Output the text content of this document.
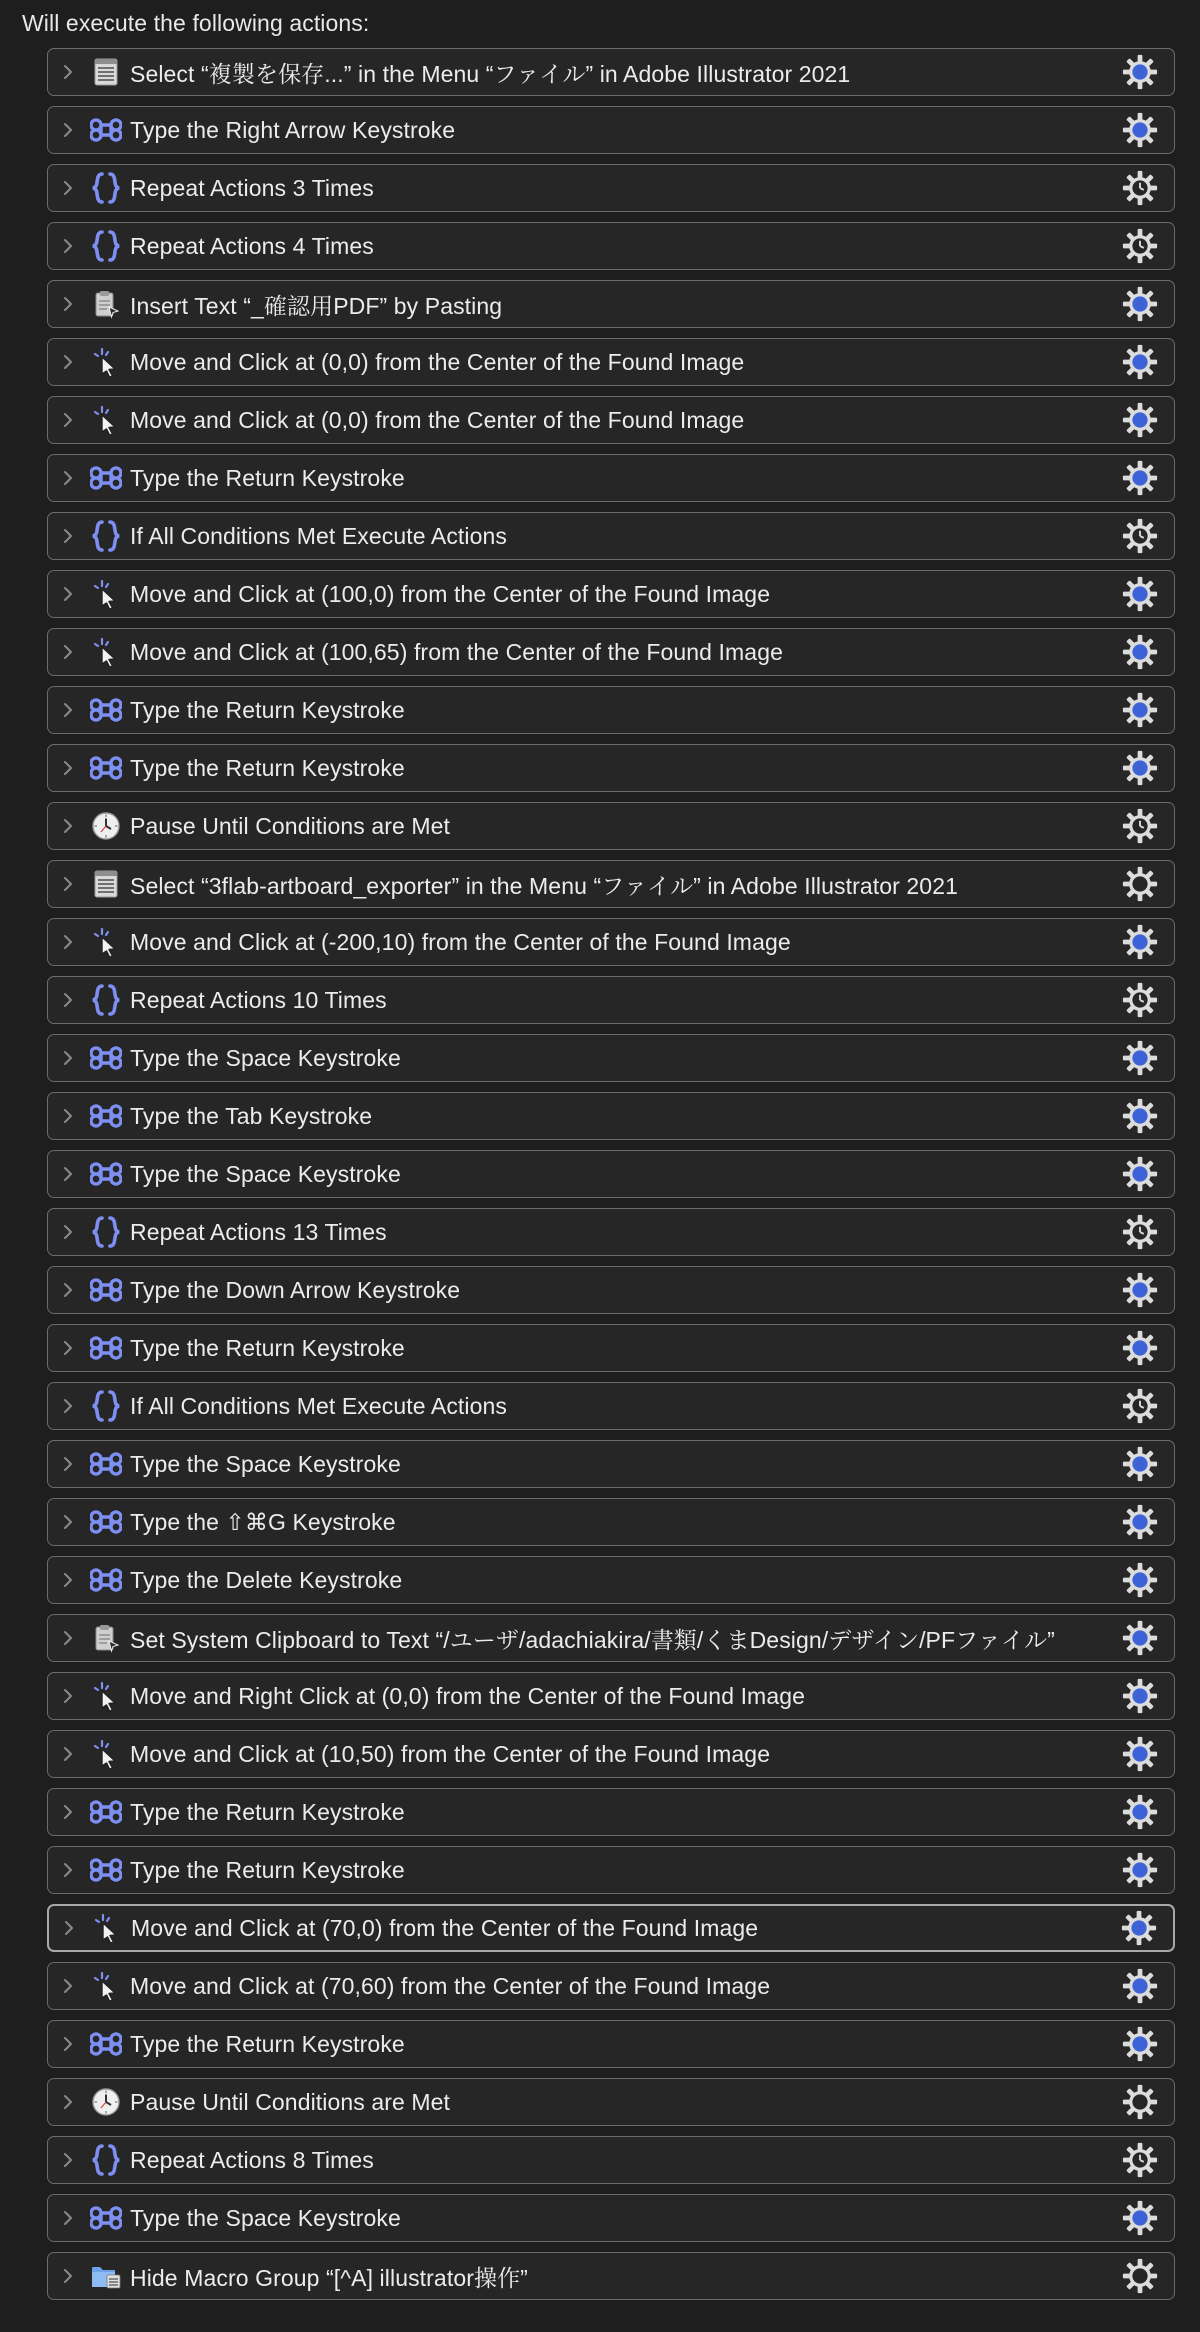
Will execute the following actions:
Select “複製を保存...” in the Menu “ファイル” in Adobe Illustrator 2021
Type the Right Arrow Keystroke
Repeat Actions 3 Times
Repeat Actions 4 Times
Insert Text “_確認用PDF” by Pasting
Move and Click at (0,0) from the Center of the Found Image
Move and Click at (0,0) from the Center of the Found Image
Type the Return Keystroke
If All Conditions Met Execute Actions
Move and Click at (100,0) from the Center of the Found Image
Move and Click at (100,65) from the Center of the Found Image
Type the Return Keystroke
Type the Return Keystroke
Pause Until Conditions are Met
Select “3flab-artboard_exporter” in the Menu “ファイル” in Adobe Illustrator 2021
Move and Click at (-200,10) from the Center of the Found Image
Repeat Actions 10 Times
Type the Space Keystroke
Type the Tab Keystroke
Type the Space Keystroke
Repeat Actions 13 Times
Type the Down Arrow Keystroke
Type the Return Keystroke
If All Conditions Met Execute Actions
Type the Space Keystroke
Type the ⇧⌘G Keystroke
Type the Delete Keystroke
Set System Clipboard to Text “/ユーザ/adachiakira/書類/くまDesign/デザイン/PFファイル”
Move and Right Click at (0,0) from the Center of the Found Image
Move and Click at (10,50) from the Center of the Found Image
Type the Return Keystroke
Type the Return Keystroke
Move and Click at (70,0) from the Center of the Found Image
Move and Click at (70,60) from the Center of the Found Image
Type the Return Keystroke
Pause Until Conditions are Met
Repeat Actions 8 Times
Type the Space Keystroke
Hide Macro Group “[^A] illustrator操作”
